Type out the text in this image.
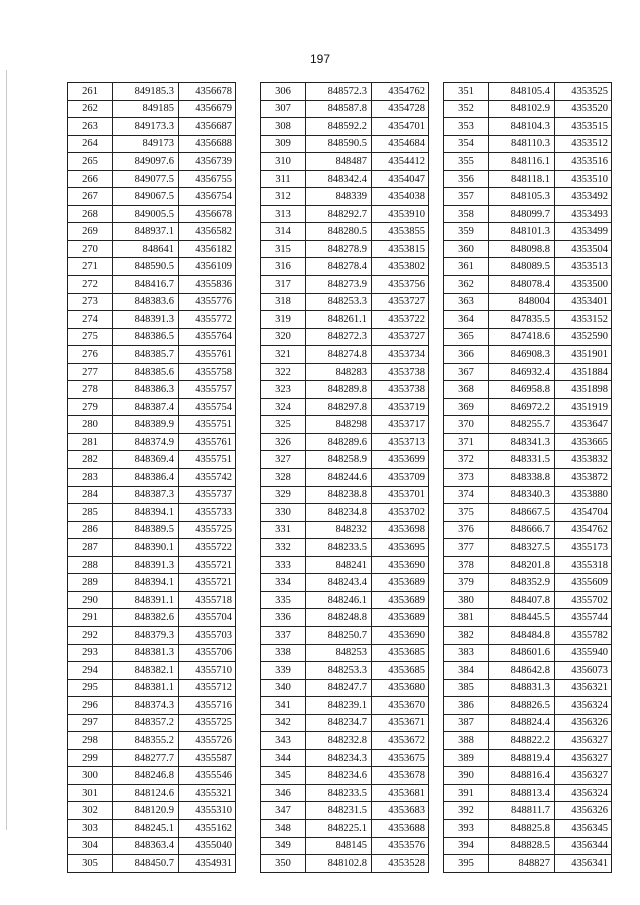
197
261	849185.3	4356678
262	849185	4356679
263	849173.3	4356687
264	849173	4356688
265	849097.6	4356739
266	849077.5	4356755
267	849067.5	4356754
268	849005.5	4356678
269	848937.1	4356582
270	848641	4356182
271	848590.5	4356109
272	848416.7	4355836
273	848383.6	4355776
274	848391.3	4355772
275	848386.5	4355764
276	848385.7	4355761
277	848385.6	4355758
278	848386.3	4355757
279	848387.4	4355754
280	848389.9	4355751
281	848374.9	4355761
282	848369.4	4355751
283	848386.4	4355742
284	848387.3	4355737
285	848394.1	4355733
286	848389.5	4355725
287	848390.1	4355722
288	848391.3	4355721
289	848394.1	4355721
290	848391.1	4355718
291	848382.6	4355704
292	848379.3	4355703
293	848381.3	4355706
294	848382.1	4355710
295	848381.1	4355712
296	848374.3	4355716
297	848357.2	4355725
298	848355.2	4355726
299	848277.7	4355587
300	848246.8	4355546
301	848124.6	4355321
302	848120.9	4355310
303	848245.1	4355162
304	848363.4	4355040
305	848450.7	4354931
306	848572.3	4354762
307	848587.8	4354728
308	848592.2	4354701
309	848590.5	4354684
310	848487	4354412
311	848342.4	4354047
312	848339	4354038
313	848292.7	4353910
314	848280.5	4353855
315	848278.9	4353815
316	848278.4	4353802
317	848273.9	4353756
318	848253.3	4353727
319	848261.1	4353722
320	848272.3	4353727
321	848274.8	4353734
322	848283	4353738
323	848289.8	4353738
324	848297.8	4353719
325	848298	4353717
326	848289.6	4353713
327	848258.9	4353699
328	848244.6	4353709
329	848238.8	4353701
330	848234.8	4353702
331	848232	4353698
332	848233.5	4353695
333	848241	4353690
334	848243.4	4353689
335	848246.1	4353689
336	848248.8	4353689
337	848250.7	4353690
338	848253	4353685
339	848253.3	4353685
340	848247.7	4353680
341	848239.1	4353670
342	848234.7	4353671
343	848232.8	4353672
344	848234.3	4353675
345	848234.6	4353678
346	848233.5	4353681
347	848231.5	4353683
348	848225.1	4353688
349	848145	4353576
350	848102.8	4353528
351	848105.4	4353525
352	848102.9	4353520
353	848104.3	4353515
354	848110.3	4353512
355	848116.1	4353516
356	848118.1	4353510
357	848105.3	4353492
358	848099.7	4353493
359	848101.3	4353499
360	848098.8	4353504
361	848089.5	4353513
362	848078.4	4353500
363	848004	4353401
364	847835.5	4353152
365	847418.6	4352590
366	846908.3	4351901
367	846932.4	4351884
368	846958.8	4351898
369	846972.2	4351919
370	848255.7	4353647
371	848341.3	4353665
372	848331.5	4353832
373	848338.8	4353872
374	848340.3	4353880
375	848667.5	4354704
376	848666.7	4354762
377	848327.5	4355173
378	848201.8	4355318
379	848352.9	4355609
380	848407.8	4355702
381	848445.5	4355744
382	848484.8	4355782
383	848601.6	4355940
384	848642.8	4356073
385	848831.3	4356321
386	848826.5	4356324
387	848824.4	4356326
388	848822.2	4356327
389	848819.4	4356327
390	848816.4	4356327
391	848813.4	4356324
392	848811.7	4356326
393	848825.8	4356345
394	848828.5	4356344
395	848827	4356341
